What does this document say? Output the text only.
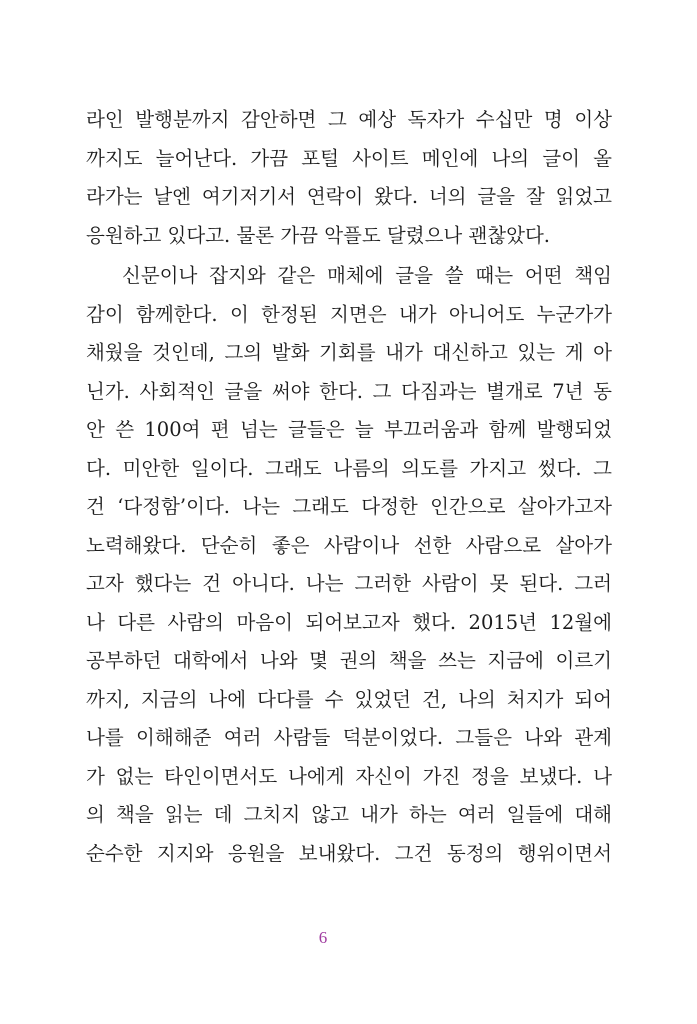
라인 발행분까지 감안하면 그 예상 독자가 수십만 명 이상
까지도 늘어난다. 가끔 포털 사이트 메인에 나의 글이 올
라가는 날엔 여기저기서 연락이 왔다. 너의 글을 잘 읽었고
응원하고 있다고. 물론 가끔 악플도 달렸으나 괜찮았다.
신문이나 잡지와 같은 매체에 글을 쓸 때는 어떤 책임
감이 함께한다. 이 한정된 지면은 내가 아니어도 누군가가
채웠을 것인데, 그의 발화 기회를 내가 대신하고 있는 게 아
닌가. 사회적인 글을 써야 한다. 그 다짐과는 별개로 7년 동
안 쓴 100여 편 넘는 글들은 늘 부끄러움과 함께 발행되었
다. 미안한 일이다. 그래도 나름의 의도를 가지고 썼다. 그
건 ‘다정함’이다. 나는 그래도 다정한 인간으로 살아가고자
노력해왔다. 단순히 좋은 사람이나 선한 사람으로 살아가
고자 했다는 건 아니다. 나는 그러한 사람이 못 된다. 그러
나 다른 사람의 마음이 되어보고자 했다. 2015년 12월에
공부하던 대학에서 나와 몇 권의 책을 쓰는 지금에 이르기
까지, 지금의 나에 다다를 수 있었던 건, 나의 처지가 되어
나를 이해해준 여러 사람들 덕분이었다. 그들은 나와 관계
가 없는 타인이면서도 나에게 자신이 가진 정을 보냈다. 나
의 책을 읽는 데 그치지 않고 내가 하는 여러 일들에 대해
순수한 지지와 응원을 보내왔다. 그건 동정의 행위이면서
6
